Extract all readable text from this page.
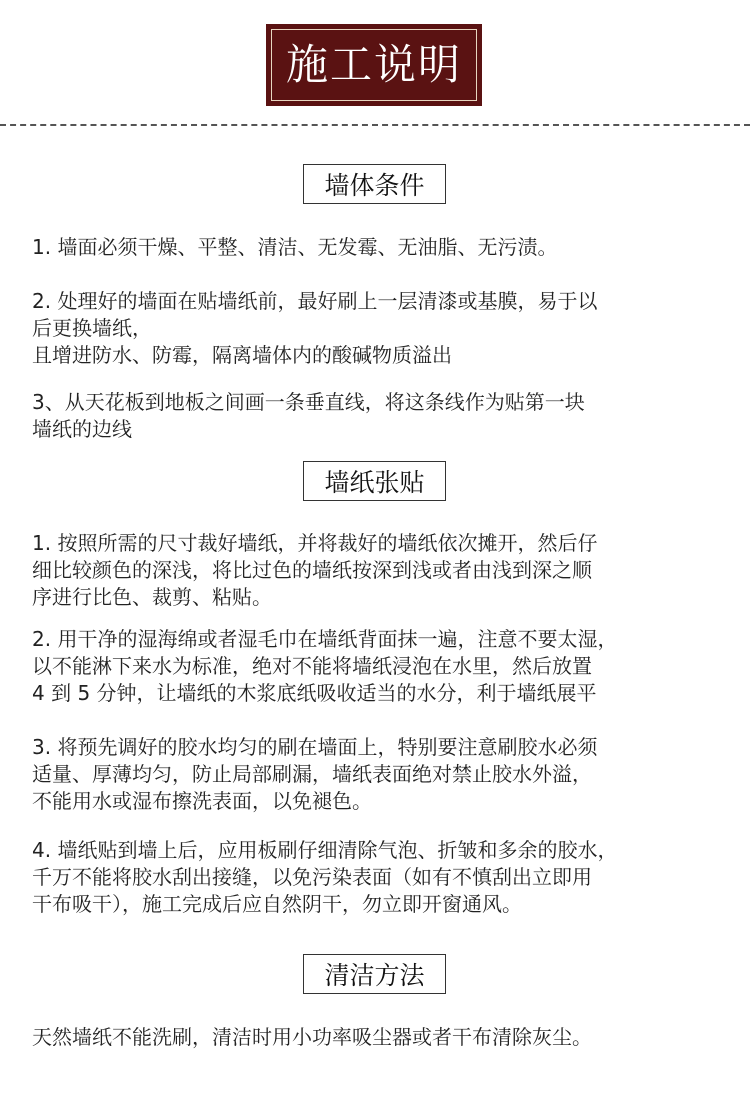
施工说明
墙体条件
1. 墙面必须干燥、平整、清洁、无发霉、无油脂、无污渍。
2. 处理好的墙面在贴墙纸前，最好刷上一层清漆或基膜，易于以
后更换墙纸，
且增进防水、防霉，隔离墙体内的酸碱物质溢出
3、从天花板到地板之间画一条垂直线，将这条线作为贴第一块
墙纸的边线
墙纸张贴
1. 按照所需的尺寸裁好墙纸，并将裁好的墙纸依次摊开，然后仔
细比较颜色的深浅，将比过色的墙纸按深到浅或者由浅到深之顺
序进行比色、裁剪、粘贴。
2. 用干净的湿海绵或者湿毛巾在墙纸背面抹一遍，注意不要太湿，
以不能淋下来水为标准，绝对不能将墙纸浸泡在水里，然后放置
4 到 5 分钟，让墙纸的木浆底纸吸收适当的水分，利于墙纸展平
3. 将预先调好的胶水均匀的刷在墙面上，特别要注意刷胶水必须
适量、厚薄均匀，防止局部刷漏，墙纸表面绝对禁止胶水外溢，
不能用水或湿布擦洗表面，以免褪色。
4. 墙纸贴到墙上后，应用板刷仔细清除气泡、折皱和多余的胶水，
千万不能将胶水刮出接缝，以免污染表面（如有不慎刮出立即用
干布吸干），施工完成后应自然阴干，勿立即开窗通风。
清洁方法
天然墙纸不能洗刷，清洁时用小功率吸尘器或者干布清除灰尘。
